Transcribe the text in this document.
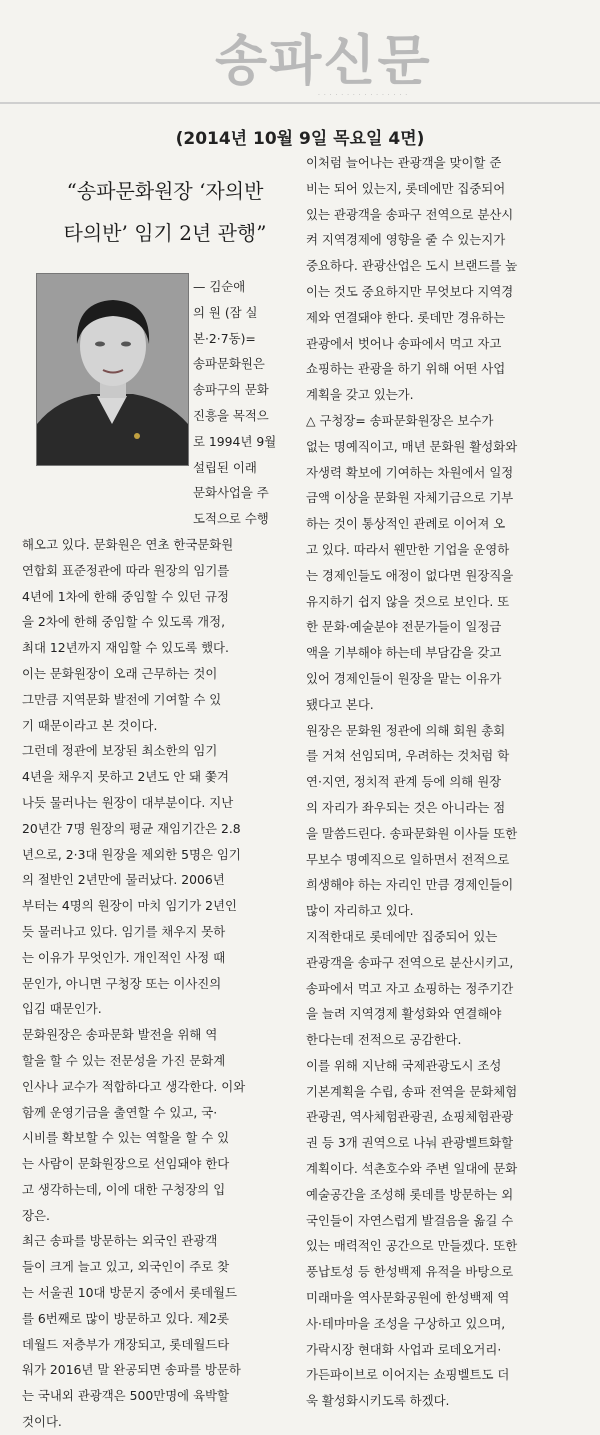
송파신문
· · · · · · · · · · · · · · · ·
(2014년 10월 9일 목요일 4면)
“송파문화원장 ‘자의반
타의반’ 임기 2년 관행”
— 김순애
의 원 (잠 실
본·2·7동)=
송파문화원은
송파구의 문화
진흥을 목적으
로 1994년 9월
설립된 이래
문화사업을 주
도적으로 수행
해오고 있다. 문화원은 연초 한국문화원
연합회 표준정관에 따라 원장의 임기를
4년에 1차에 한해 중임할 수 있던 규정
을 2차에 한해 중임할 수 있도록 개정,
최대 12년까지 재임할 수 있도록 했다.
이는 문화원장이 오래 근무하는 것이
그만큼 지역문화 발전에 기여할 수 있
기 때문이라고 본 것이다.
그런데 정관에 보장된 최소한의 임기
4년을 채우지 못하고 2년도 안 돼 쫓겨
나듯 물러나는 원장이 대부분이다. 지난
20년간 7명 원장의 평균 재임기간은 2.8
년으로, 2·3대 원장을 제외한 5명은 임기
의 절반인 2년만에 물러났다. 2006년
부터는 4명의 원장이 마치 임기가 2년인
듯 물러나고 있다. 임기를 채우지 못하
는 이유가 무엇인가. 개인적인 사정 때
문인가, 아니면 구청장 또는 이사진의
입김 때문인가.
문화원장은 송파문화 발전을 위해 역
할을 할 수 있는 전문성을 가진 문화계
인사나 교수가 적합하다고 생각한다. 이와
함께 운영기금을 출연할 수 있고, 국·
시비를 확보할 수 있는 역할을 할 수 있
는 사람이 문화원장으로 선임돼야 한다
고 생각하는데, 이에 대한 구청장의 입
장은.
최근 송파를 방문하는 외국인 관광객
들이 크게 늘고 있고, 외국인이 주로 찾
는 서울권 10대 방문지 중에서 롯데월드
를 6번째로 많이 방문하고 있다. 제2롯
데월드 저층부가 개장되고, 롯데월드타
워가 2016년 말 완공되면 송파를 방문하
는 국내외 관광객은 500만명에 육박할
것이다.
이처럼 늘어나는 관광객을 맞이할 준
비는 되어 있는지, 롯데에만 집중되어
있는 관광객을 송파구 전역으로 분산시
켜 지역경제에 영향을 줄 수 있는지가
중요하다. 관광산업은 도시 브랜드를 높
이는 것도 중요하지만 무엇보다 지역경
제와 연결돼야 한다. 롯데만 경유하는
관광에서 벗어나 송파에서 먹고 자고
쇼핑하는 관광을 하기 위해 어떤 사업
계획을 갖고 있는가.
△ 구청장= 송파문화원장은 보수가
없는 명예직이고, 매년 문화원 활성화와
자생력 확보에 기여하는 차원에서 일정
금액 이상을 문화원 자체기금으로 기부
하는 것이 통상적인 관례로 이어져 오
고 있다. 따라서 웬만한 기업을 운영하
는 경제인들도 애정이 없다면 원장직을
유지하기 쉽지 않을 것으로 보인다. 또
한 문화·예술분야 전문가들이 일정금
액을 기부해야 하는데 부담감을 갖고
있어 경제인들이 원장을 맡는 이유가
됐다고 본다.
원장은 문화원 정관에 의해 회원 총회
를 거쳐 선임되며, 우려하는 것처럼 학
연·지연, 정치적 관계 등에 의해 원장
의 자리가 좌우되는 것은 아니라는 점
을 말씀드린다. 송파문화원 이사들 또한
무보수 명예직으로 일하면서 전적으로
희생해야 하는 자리인 만큼 경제인들이
많이 자리하고 있다.
지적한대로 롯데에만 집중되어 있는
관광객을 송파구 전역으로 분산시키고,
송파에서 먹고 자고 쇼핑하는 정주기간
을 늘려 지역경제 활성화와 연결해야
한다는데 전적으로 공감한다.
이를 위해 지난해 국제관광도시 조성
기본계획을 수립, 송파 전역을 문화체험
관광권, 역사체험관광권, 쇼핑체험관광
권 등 3개 권역으로 나눠 관광벨트화할
계획이다. 석촌호수와 주변 일대에 문화
예술공간을 조성해 롯데를 방문하는 외
국인들이 자연스럽게 발걸음을 옮길 수
있는 매력적인 공간으로 만들겠다. 또한
풍납토성 등 한성백제 유적을 바탕으로
미래마을 역사문화공원에 한성백제 역
사·테마마을 조성을 구상하고 있으며,
가락시장 현대화 사업과 로데오거리·
가든파이브로 이어지는 쇼핑벨트도 더
욱 활성화시키도록 하겠다.
